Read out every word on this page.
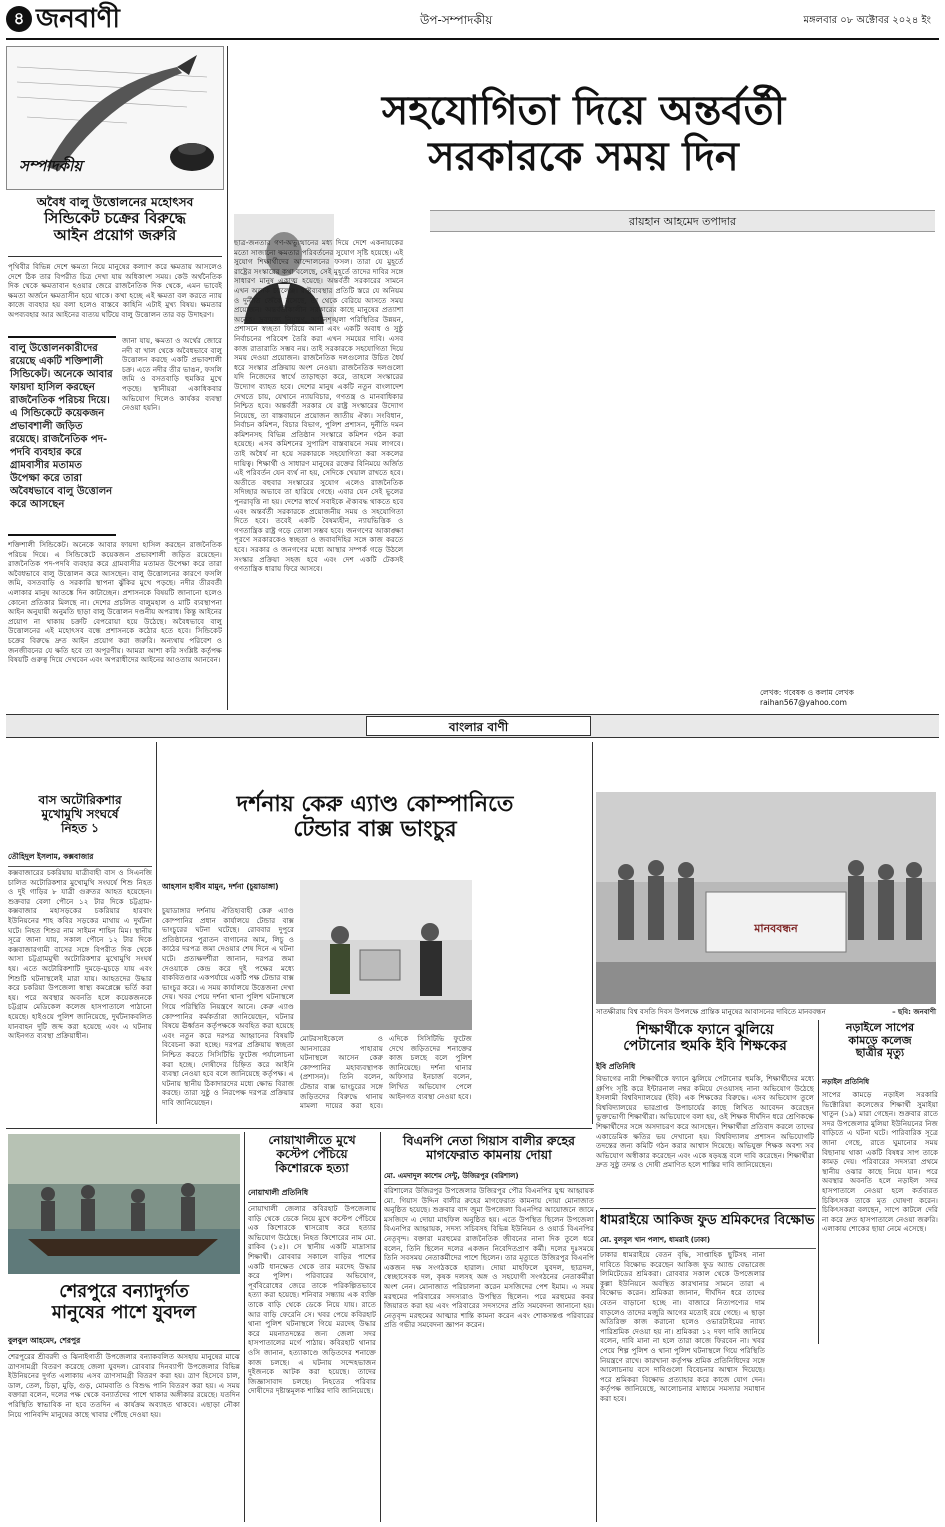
৪ জনবাণী	উপ-সম্পাদকীয়	মঙ্গলবার ০৮ অক্টোবর ২০২৪ ইং
সম্পাদকীয়
সহযোগিতা দিয়ে অন্তর্বর্তী
সরকারকে সময় দিন
রায়হান আহমেদ তপাদার
অবৈধ বালু উত্তোলনের মহোৎসব
সিন্ডিকেট চক্রের বিরুদ্ধে
আইন প্রয়োগ জরুরি
পৃথিবীর বিভিন্ন দেশে ক্ষমতা নিয়ে মানুষের কল্যাণ করে ক্ষমতায় আসলেও দেশে ঠিক তার বিপরীত চিত্র দেখা যায় অধিকাংশ সময়। কেউ অর্থনৈতিক দিক থেকে ক্ষমতাবান হওয়ার জেরে রাজনৈতিক দিক থেকে, এমন ভাবেই ক্ষমতা অর্জনে ক্ষমতাসীন হয়ে থাকে। কখা হচ্ছে এই ক্ষমতা বল করতে ন্যায় কাজে ব্যবহার হয় বলা হলেও বাস্তবে কাহিনি এটাই মুখ্য বিষয়। ক্ষমতার অপব্যবহার আর আইনের ব্যত্যয় ঘটিয়ে বালু উত্তোলন তার বড় উদাহরণ।
বালু উত্তোলনকারীদের রয়েছে একটি শক্তিশালী সিন্ডিকেট। অনেকে আবার ফায়দা হাসিল করছেন রাজনৈতিক পরিচয় দিয়ে। এ সিন্ডিকেটে কয়েকজন প্রভাবশালী জড়িত রয়েছে। রাজনৈতিক পদ-পদবি ব্যবহার করে গ্রামবাসীর মতামত উপেক্ষা করে তারা অবৈধভাবে বালু উত্তোলন করে আসছেন
জানা যায়, ক্ষমতা ও অর্থের জোরে নদী বা খাল থেকে অবৈধভাবে বালু উত্তোলন করছে একটি প্রভাবশালী চক্র। এতে নদীর তীর ভাঙন, ফসলি জমি ও বসতবাড়ি হুমকির মুখে পড়ছে। স্থানীয়রা একাধিকবার অভিযোগ দিলেও কার্যকর ব্যবস্থা নেওয়া হয়নি।
শক্তিশালী সিন্ডিকেট। অনেকে আবার ফায়দা হাসিল করছেন রাজনৈতিক পরিচয় দিয়ে। এ সিন্ডিকেটে কয়েকজন প্রভাবশালী জড়িত রয়েছেন। রাজনৈতিক পদ-পদবি ব্যবহার করে গ্রামবাসীর মতামত উপেক্ষা করে তারা অবৈধভাবে বালু উত্তোলন করে আসছেন। বালু উত্তোলনের কারণে ফসলি জমি, বসতবাড়ি ও সরকারি স্থাপনা ঝুঁকির মুখে পড়ছে। নদীর তীরবর্তী এলাকার মানুষ আতঙ্কে দিন কাটাচ্ছেন। প্রশাসনকে বিষয়টি জানানো হলেও কোনো প্রতিকার মিলছে না। দেশের প্রচলিত বালুমহাল ও মাটি ব্যবস্থাপনা আইন অনুযায়ী অনুমতি ছাড়া বালু উত্তোলন দণ্ডনীয় অপরাধ। কিন্তু আইনের প্রয়োগ না থাকায় চক্রটি বেপরোয়া হয়ে উঠেছে। অবৈধভাবে বালু উত্তোলনের এই মহোৎসব বন্ধে প্রশাসনকে কঠোর হতে হবে। সিন্ডিকেট চক্রের বিরুদ্ধে দ্রুত আইন প্রয়োগ করা জরুরি। অন্যথায় পরিবেশ ও জনজীবনের যে ক্ষতি হবে তা অপূরণীয়। আমরা আশা করি সংশ্লিষ্ট কর্তৃপক্ষ বিষয়টি গুরুত্ব দিয়ে দেখবেন এবং অপরাধীদের আইনের আওতায় আনবেন।
ছাত্র-জনতার গণ-অভ্যুত্থানের মধ্য দিয়ে দেশে একনায়কের মতো সাজানো ক্ষমতার পরিবর্তনের সুযোগ সৃষ্টি হয়েছে। এই সুযোগ শিক্ষার্থীদের আন্দোলনের ফসল। তারা যে মুহূর্তে রাষ্ট্রের সংস্কারের কথা বলেছে, সেই মুহূর্তে তাদের দাবির সঙ্গে সাধারণ মানুষ একাত্ম হয়েছে। অন্তর্বর্তী সরকারের সামনে এখন অনেক চ্যালেঞ্জ। রাষ্ট্রব্যবস্থার প্রতিটি স্তরে যে অনিয়ম ও দুর্নীতি জেঁকে বসেছে, তা থেকে বেরিয়ে আসতে সময় প্রয়োজন। অন্তর্বর্তীকালীন সরকারের কাছে মানুষের প্রত্যাশা অনেক। দ্রব্যমূল্য নিয়ন্ত্রণ, আইনশৃঙ্খলা পরিস্থিতির উন্নয়ন, প্রশাসনে স্বচ্ছতা ফিরিয়ে আনা এবং একটি অবাধ ও সুষ্ঠু নির্বাচনের পরিবেশ তৈরি করা এখন সময়ের দাবি। এসব কাজ রাতারাতি সম্ভব নয়। তাই সরকারকে সহযোগিতা দিয়ে সময় দেওয়া প্রয়োজন। রাজনৈতিক দলগুলোর উচিত ধৈর্য ধরে সংস্কার প্রক্রিয়ায় অংশ নেওয়া। রাজনৈতিক দলগুলো যদি নিজেদের স্বার্থে তাড়াহুড়া করে, তাহলে সংস্কারের উদ্যোগ ব্যাহত হবে। দেশের মানুষ একটি নতুন বাংলাদেশ দেখতে চায়, যেখানে ন্যায়বিচার, গণতন্ত্র ও মানবাধিকার নিশ্চিত হবে। অন্তর্বর্তী সরকার যে রাষ্ট্র সংস্কারের উদ্যোগ নিয়েছে, তা বাস্তবায়নে প্রয়োজন জাতীয় ঐক্য। সংবিধান, নির্বাচন কমিশন, বিচার বিভাগ, পুলিশ প্রশাসন, দুর্নীতি দমন কমিশনসহ বিভিন্ন প্রতিষ্ঠান সংস্কারে কমিশন গঠন করা হয়েছে। এসব কমিশনের সুপারিশ বাস্তবায়নে সময় লাগবে। তাই অধৈর্য না হয়ে সরকারকে সহযোগিতা করা সকলের দায়িত্ব। শিক্ষার্থী ও সাধারণ মানুষের রক্তের বিনিময়ে অর্জিত এই পরিবর্তন যেন ব্যর্থ না হয়, সেদিকে খেয়াল রাখতে হবে। অতীতে বহুবার সংস্কারের সুযোগ এলেও রাজনৈতিক সদিচ্ছার অভাবে তা হারিয়ে গেছে। এবার যেন সেই ভুলের পুনরাবৃত্তি না হয়। দেশের স্বার্থে সবাইকে ঐক্যবদ্ধ থাকতে হবে এবং অন্তর্বর্তী সরকারকে প্রয়োজনীয় সময় ও সহযোগিতা দিতে হবে। তবেই একটি বৈষম্যহীন, ন্যায়ভিত্তিক ও গণতান্ত্রিক রাষ্ট্র গড়ে তোলা সম্ভব হবে। জনগণের আকাঙ্ক্ষা পূরণে সরকারকেও স্বচ্ছতা ও জবাবদিহির সঙ্গে কাজ করতে হবে। সরকার ও জনগণের মধ্যে আস্থার সম্পর্ক গড়ে উঠলে সংস্কার প্রক্রিয়া সহজ হবে এবং দেশ একটি টেকসই গণতান্ত্রিক ধারায় ফিরে আসবে।
লেখক: গবেষক ও কলাম লেখক
raihan567@yahoo.com
বাংলার বাণী
বাস অটোরিকশার
মুখোমুখি সংঘর্ষে
নিহত ১
তৌহিদুল ইসলাম, কক্সবাজার
কক্সবাজারের চকরিয়ায় যাত্রীবাহী বাস ও সিএনজি চালিত অটোরিকশার মুখোমুখি সংঘর্ষে শিশু নিহত ও দুই গাড়ির ৮ যাত্রী গুরুতর আহত হয়েছেন। শুক্রবার বেলা পৌনে ১২ টার দিকে চট্টগ্রাম-কক্সবাজার মহাসড়কের চকরিয়ার হারবাং ইউনিয়নের শাহ কবির সড়কের মাথায় এ দুর্ঘটনা ঘটে। নিহত শিশুর নাম সাইমন শাহিন মিম। স্থানীয় সূত্রে জানা যায়, সকাল পৌনে ১২ টার দিকে কক্সবাজারগামী বাসের সঙ্গে বিপরীত দিক থেকে আসা চট্টগ্রামমুখী অটোরিকশার মুখোমুখি সংঘর্ষ হয়। এতে অটোরিকশাটি দুমড়ে-মুচড়ে যায় এবং শিশুটি ঘটনাস্থলেই মারা যায়। আহতদের উদ্ধার করে চকরিয়া উপজেলা স্বাস্থ্য কমপ্লেক্সে ভর্তি করা হয়। পরে অবস্থার অবনতি হলে কয়েকজনকে চট্টগ্রাম মেডিকেল কলেজ হাসপাতালে পাঠানো হয়েছে। হাইওয়ে পুলিশ জানিয়েছে, দুর্ঘটনাকবলিত যানবাহন দুটি জব্দ করা হয়েছে এবং এ ঘটনায় আইনগত ব্যবস্থা প্রক্রিয়াধীন।
দর্শনায় কেরু এ্যাণ্ড কোম্পানিতে
টেন্ডার বাক্স ভাংচুর
আহসান হাবীব মামুন, দর্শনা (চুয়াডাঙ্গা)
চুয়াডাঙ্গার দর্শনায় ঐতিহ্যবাহী কেরু এ্যাণ্ড কোম্পানির প্রধান কার্যালয়ে টেন্ডার বাক্স ভাংচুরের ঘটনা ঘটেছে। রোববার দুপুরে প্রতিষ্ঠানের পুরাতন বাগানের আম, লিচু ও কাঠের দরপত্র জমা দেওয়ার শেষ দিনে এ ঘটনা ঘটে। প্রত্যক্ষদর্শীরা জানান, দরপত্র জমা দেওয়াকে কেন্দ্র করে দুই পক্ষের মধ্যে বাকবিতণ্ডার একপর্যায়ে একটি পক্ষ টেন্ডার বাক্স ভাংচুর করে। এ সময় কার্যালয়ে উত্তেজনা দেখা দেয়। খবর পেয়ে দর্শনা থানা পুলিশ ঘটনাস্থলে গিয়ে পরিস্থিতি নিয়ন্ত্রণে আনে। কেরু এ্যাণ্ড কোম্পানির কর্মকর্তারা জানিয়েছেন, ঘটনার বিষয়ে ঊর্ধ্বতন কর্তৃপক্ষকে অবহিত করা হয়েছে এবং নতুন করে দরপত্র আহ্বানের বিষয়টি বিবেচনা করা হচ্ছে। দরপত্র প্রক্রিয়ায় স্বচ্ছতা নিশ্চিত করতে সিসিটিভি ফুটেজ পর্যালোচনা করা হচ্ছে। দোষীদের চিহ্নিত করে আইনি ব্যবস্থা নেওয়া হবে বলে জানিয়েছে কর্তৃপক্ষ। এ ঘটনায় স্থানীয় ঠিকাদারদের মধ্যে ক্ষোভ বিরাজ করছে। তারা সুষ্ঠু ও নিরপেক্ষ দরপত্র প্রক্রিয়ার দাবি জানিয়েছেন।
মোটরসাইকেলে ও আনসারের পাহারায় ঘটনাস্থলে আসেন কেরু কোম্পানির মহাব্যবস্থাপক (প্রশাসন)। তিনি বলেন, টেন্ডার বাক্স ভাংচুরের সঙ্গে জড়িতদের বিরুদ্ধে থানায় মামলা দায়ের করা হবে। এদিকে সিসিটিভি ফুটেজ দেখে জড়িতদের শনাক্তের কাজ চলছে বলে পুলিশ জানিয়েছে। দর্শনা থানার অফিসার ইনচার্জ বলেন, লিখিত অভিযোগ পেলে আইনগত ব্যবস্থা নেওয়া হবে।
মানববন্ধন
সাতক্ষীরায় বিশ্ব বসতি দিবস উপলক্ষে প্রান্তিক মানুষের আবাসনের দাবিতে মানববন্ধন	– ছবি: জনবাণী
শিক্ষার্থীকে ফ্যানে ঝুলিয়ে
পেটানোর হুমকি ইবি শিক্ষকের
ইবি প্রতিনিধি
বিভাগের নারী শিক্ষার্থীকে ফ্যানে ঝুলিয়ে পেটানোর হুমকি, শিক্ষার্থীদের মধ্যে গ্রুপিং সৃষ্টি করে ইন্টারনাল নম্বর কমিয়ে দেওয়াসহ নানা অভিযোগ উঠেছে ইসলামী বিশ্ববিদ্যালয়ের (ইবি) এক শিক্ষকের বিরুদ্ধে। এসব অভিযোগ তুলে বিশ্ববিদ্যালয়ের ভারপ্রাপ্ত উপাচার্যের কাছে লিখিত আবেদন করেছেন ভুক্তভোগী শিক্ষার্থীরা। অভিযোগে বলা হয়, ওই শিক্ষক দীর্ঘদিন ধরে শ্রেণিকক্ষে শিক্ষার্থীদের সঙ্গে অসদাচরণ করে আসছেন। শিক্ষার্থীরা প্রতিবাদ করলে তাদের একাডেমিক ক্ষতির ভয় দেখানো হয়। বিশ্ববিদ্যালয় প্রশাসন অভিযোগটি তদন্তের জন্য কমিটি গঠন করার আশ্বাস দিয়েছে। অভিযুক্ত শিক্ষক অবশ্য সব অভিযোগ অস্বীকার করেছেন এবং একে ষড়যন্ত্র বলে দাবি করেছেন। শিক্ষার্থীরা দ্রুত সুষ্ঠু তদন্ত ও দোষী প্রমাণিত হলে শাস্তির দাবি জানিয়েছেন।
নড়াইলে সাপের
কামড়ে কলেজ
ছাত্রীর মৃত্যু
নড়াইল প্রতিনিধি
সাপের কামড়ে নড়াইল সরকারি ভিক্টোরিয়া কলেজের শিক্ষার্থী সুমাইয়া খাতুন (১৯) মারা গেছেন। শুক্রবার রাতে সদর উপজেলার মুলিয়া ইউনিয়নের নিজ বাড়িতে এ ঘটনা ঘটে। পারিবারিক সূত্রে জানা গেছে, রাতে ঘুমানোর সময় বিছানায় থাকা একটি বিষধর সাপ তাকে কামড় দেয়। পরিবারের সদস্যরা প্রথমে স্থানীয় ওঝার কাছে নিয়ে যান। পরে অবস্থার অবনতি হলে নড়াইল সদর হাসপাতালে নেওয়া হলে কর্তব্যরত চিকিৎসক তাকে মৃত ঘোষণা করেন। চিকিৎসকরা বলছেন, সাপে কাটলে দেরি না করে দ্রুত হাসপাতালে নেওয়া জরুরি। এলাকায় শোকের ছায়া নেমে এসেছে।
শেরপুরে বন্যাদুর্গত
মানুষের পাশে যুবদল
বুলবুল আহমেদ, শেরপুর
শেরপুরের শ্রীবরদী ও ঝিনাইগাতী উপজেলার বন্যাকবলিত অসহায় মানুষের মাঝে ত্রাণসামগ্রী বিতরণ করেছে জেলা যুবদল। রোববার দিনব্যাপী উপজেলার বিভিন্ন ইউনিয়নের দুর্গত এলাকায় এসব ত্রাণসামগ্রী বিতরণ করা হয়। ত্রাণ হিসেবে চাল, ডাল, তেল, চিড়া, মুড়ি, গুড়, মোমবাতি ও বিশুদ্ধ পানি বিতরণ করা হয়। এ সময় বক্তারা বলেন, দলের পক্ষ থেকে বন্যার্তদের পাশে থাকার অঙ্গীকার রয়েছে। যতদিন পরিস্থিতি স্বাভাবিক না হবে ততদিন এ কার্যক্রম অব্যাহত থাকবে। এছাড়া নৌকা নিয়ে পানিবন্দি মানুষের কাছে খাবার পৌঁছে দেওয়া হয়।
নোয়াখালীতে মুখে
কস্টেপ পেঁচিয়ে
কিশোরকে হত্যা
নোয়াখালী প্রতিনিধি
নোয়াখালী জেলার কবিরহাট উপজেলায় বাড়ি থেকে ডেকে নিয়ে মুখে কস্টেপ পেঁচিয়ে এক কিশোরকে শ্বাসরোধ করে হত্যার অভিযোগ উঠেছে। নিহত কিশোরের নাম মো. রাকিব (১৫)। সে স্থানীয় একটি মাদ্রাসার শিক্ষার্থী। রোববার সকালে বাড়ির পাশের একটি ধানক্ষেত থেকে তার মরদেহ উদ্ধার করে পুলিশ। পরিবারের অভিযোগ, পূর্ববিরোধের জেরে তাকে পরিকল্পিতভাবে হত্যা করা হয়েছে। শনিবার সন্ধ্যায় এক ব্যক্তি তাকে বাড়ি থেকে ডেকে নিয়ে যায়। রাতে আর বাড়ি ফেরেনি সে। খবর পেয়ে কবিরহাট থানা পুলিশ ঘটনাস্থলে গিয়ে মরদেহ উদ্ধার করে ময়নাতদন্তের জন্য জেলা সদর হাসপাতালের মর্গে পাঠায়। কবিরহাট থানার ওসি জানান, হত্যাকাণ্ডে জড়িতদের শনাক্তে কাজ চলছে। এ ঘটনায় সন্দেহভাজন দুইজনকে আটক করা হয়েছে। তাদের জিজ্ঞাসাবাদ চলছে। নিহতের পরিবার দোষীদের দৃষ্টান্তমূলক শাস্তির দাবি জানিয়েছে।
বিএনপি নেতা গিয়াস বালীর রুহের
মাগফেরাত কামনায় দোয়া
মো. এমদাদুল কাশেম সেন্টু, উজিরপুর (বরিশাল)
বরিশালের উজিরপুর উপজেলার উজিরপুর পৌর বিএনপির যুগ্ম আহ্বায়ক মো. গিয়াস উদ্দিন বালীর রুহের মাগফেরাত কামনায় দোয়া মোনাজাত অনুষ্ঠিত হয়েছে। শুক্রবার বাদ জুমা উপজেলা বিএনপির আয়োজনে জামে মসজিদে এ দোয়া মাহফিল অনুষ্ঠিত হয়। এতে উপস্থিত ছিলেন উপজেলা বিএনপির আহ্বায়ক, সদস্য সচিবসহ বিভিন্ন ইউনিয়ন ও ওয়ার্ড বিএনপির নেতৃবৃন্দ। বক্তারা মরহুমের রাজনৈতিক জীবনের নানা দিক তুলে ধরে বলেন, তিনি ছিলেন দলের একজন নিবেদিতপ্রাণ কর্মী। দলের দুঃসময়ে তিনি সবসময় নেতাকর্মীদের পাশে ছিলেন। তার মৃত্যুতে উজিরপুর বিএনপি একজন দক্ষ সংগঠককে হারাল। দোয়া মাহফিলে যুবদল, ছাত্রদল, স্বেচ্ছাসেবক দল, কৃষক দলসহ অঙ্গ ও সহযোগী সংগঠনের নেতাকর্মীরা অংশ নেন। মোনাজাত পরিচালনা করেন মসজিদের পেশ ইমাম। এ সময় মরহুমের পরিবারের সদস্যরাও উপস্থিত ছিলেন। পরে মরহুমের কবর জিয়ারত করা হয় এবং পরিবারের সদস্যদের প্রতি সমবেদনা জানানো হয়। নেতৃবৃন্দ মরহুমের আত্মার শান্তি কামনা করেন এবং শোকসন্তপ্ত পরিবারের প্রতি গভীর সমবেদনা জ্ঞাপন করেন।
ধামরাইয়ে আকিজ ফুড শ্রমিকদের বিক্ষোভ
মো. বুলবুল খান পলাশ, ধামরাই (ঢাকা)
ঢাকার ধামরাইয়ে বেতন বৃদ্ধি, সাপ্তাহিক ছুটিসহ নানা দাবিতে বিক্ষোভ করেছেন আকিজ ফুড অ্যান্ড বেভারেজ লিমিটেডের শ্রমিকরা। রোববার সকাল থেকে উপজেলার কুল্লা ইউনিয়নে অবস্থিত কারখানার সামনে তারা এ বিক্ষোভ করেন। শ্রমিকরা জানান, দীর্ঘদিন ধরে তাদের বেতন বাড়ানো হচ্ছে না। বাজারে নিত্যপণ্যের দাম বাড়লেও তাদের মজুরি আগের মতোই রয়ে গেছে। এ ছাড়া অতিরিক্ত কাজ করানো হলেও ওভারটাইমের ন্যায্য পারিশ্রমিক দেওয়া হয় না। শ্রমিকরা ১২ দফা দাবি জানিয়ে বলেন, দাবি মানা না হলে তারা কাজে ফিরবেন না। খবর পেয়ে শিল্প পুলিশ ও থানা পুলিশ ঘটনাস্থলে গিয়ে পরিস্থিতি নিয়ন্ত্রণে রাখে। কারখানা কর্তৃপক্ষ শ্রমিক প্রতিনিধিদের সঙ্গে আলোচনায় বসে দাবিগুলো বিবেচনার আশ্বাস দিয়েছে। পরে শ্রমিকরা বিক্ষোভ প্রত্যাহার করে কাজে যোগ দেন। কর্তৃপক্ষ জানিয়েছে, আলোচনার মাধ্যমে সমস্যার সমাধান করা হবে।
